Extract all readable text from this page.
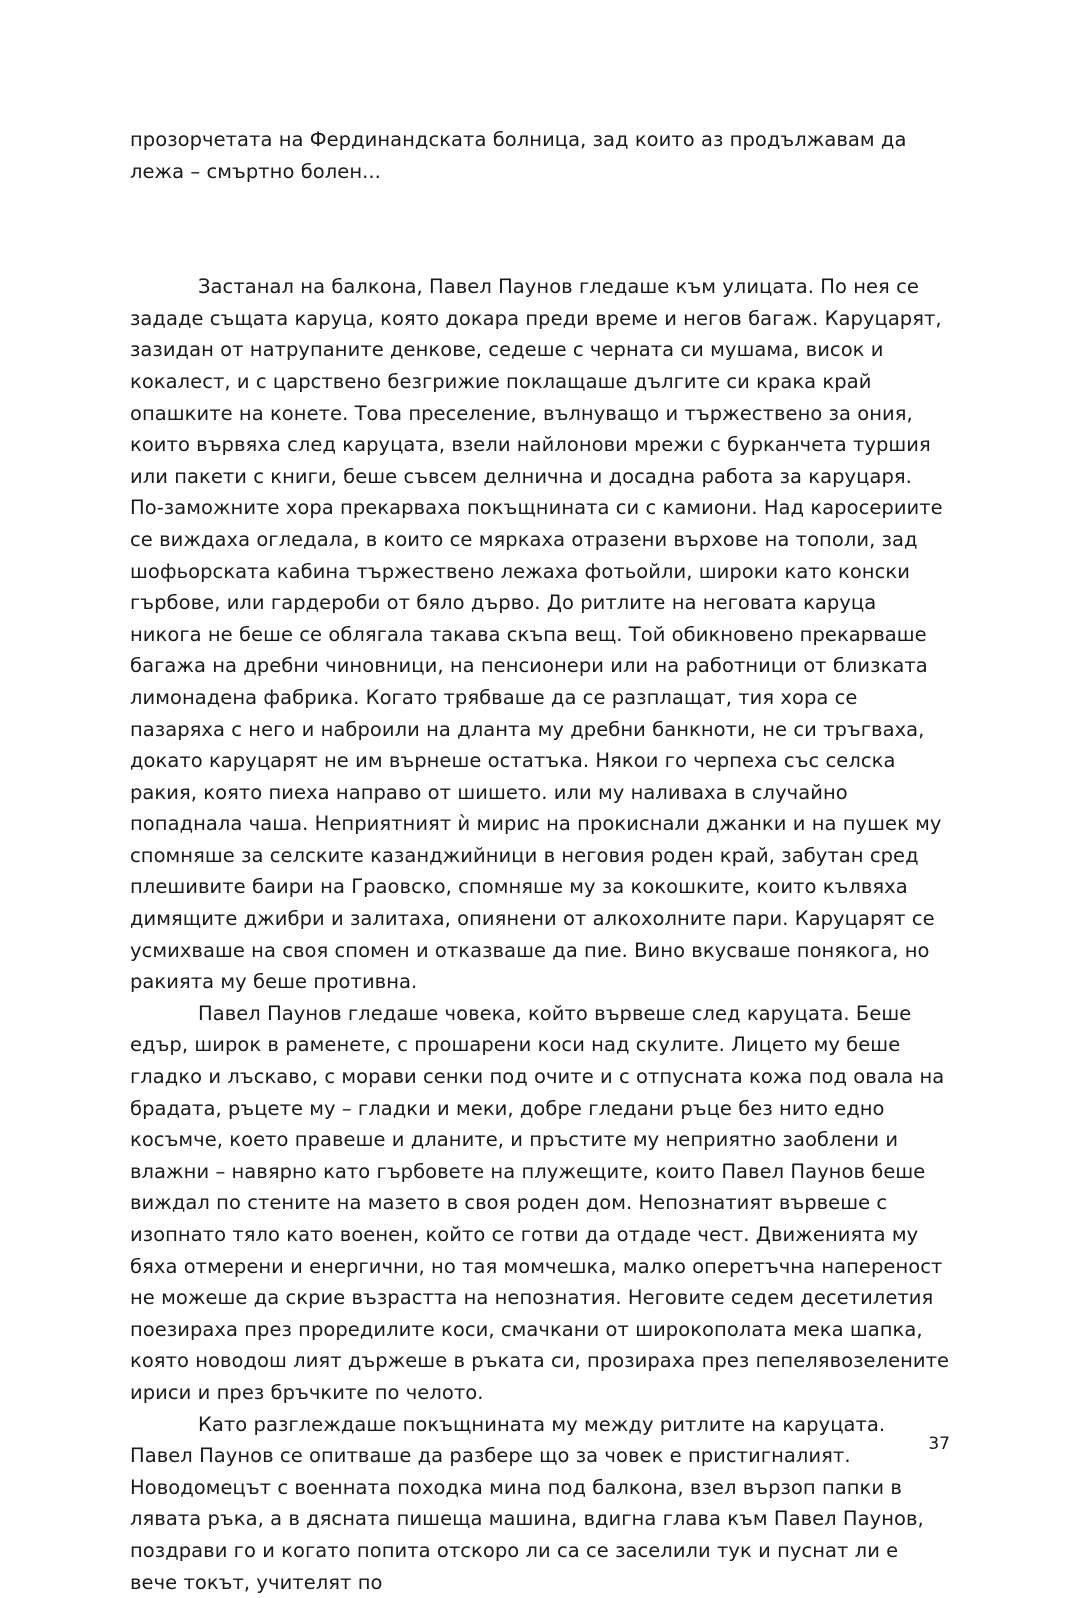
прозорчетата на Фердинандската болница, зад които аз продължавам да лежа – смъртно болен...

Застанал на балкона, Павел Паунов гледаше към улицата. По нея се зададе същата каруца, която докара преди време и негов багаж. Каруцарят, зазидан от натрупаните денкове, седеше с черната си мушама, висок и кокалест, и с царствено безгрижие поклащаше дългите си крака край опашките на конете. Това преселение, вълнуващо и тържествено за ония, които вървяха след каруцата, взели найлонови мрежи с бурканчета туршия или пакети с книги, беше съвсем делнична и досадна работа за каруцаря. По-заможните хора прекарваха покъщнината си с камиони. Над каросериите се виждаха огледала, в които се мяркаха отразени върхове на тополи, зад шофьорската кабина тържествено лежаха фотьойли, широки като конски гърбове, или гардероби от бяло дърво. До ритлите на неговата каруца никога не беше се облягала такава скъпа вещ. Той обикновено прекарваше багажа на дребни чиновници, на пенсионери или на работници от близката лимонадена фабрика. Когато трябваше да се разплащат, тия хора се пазаряха с него и наброили на дланта му дребни банкноти, не си тръгваха, докато каруцарят не им върнеше остатъка. Някои го черпеха със селска ракия, която пиеха направо от шишето. или му наливаха в случайно попаднала чаша. Неприятният ѝ мирис на прокиснали джанки и на пушек му спомняше за селските казанджийници в неговия роден край, забутан сред плешивите баири на Граовско, спомняше му за кокошките, които кълвяха димящите джибри и залитаха, опиянени от алкохолните пари. Каруцарят се усмихваше на своя спомен и отказваше да пие. Вино вкусваше понякога, но ракията му беше противна.

Павел Паунов гледаше човека, който вървеше след каруцата. Беше едър, широк в раменете, с прошарени коси над скулите. Лицето му беше гладко и лъскаво, с морави сенки под очите и с отпусната кожа под овала на брадата, ръцете му – гладки и меки, добре гледани ръце без нито едно косъмче, което правеше и дланите, и пръстите му неприятно заоблени и влажни – навярно като гърбовете на плужещите, които Павел Паунов беше виждал по стените на мазето в своя роден дом. Непознатият вървеше с изопнато тяло като военен, който се готви да отдаде чест. Движенията му бяха отмерени и енергични, но тая момчешка, малко оперетъчна напереност не можеше да скрие възрастта на непознатия. Неговите седем десетилетия поезираха през проредилите коси, смачкани от широкополата мека шапка, която новодош лият държеше в ръката си, прозираха през пепелявозелените ириси и през бръчките по челото.

Като разглеждаше покъщнината му между ритлите на каруцата. Павел Паунов се опитваше да разбере що за човек е пристигналият. Новодомецът с военната походка мина под балкона, взел вързоп папки в лявата ръка, а в дясната пишеща машина, вдигна глава към Павел Паунов, поздрави го и когато попита отскоро ли са се заселили тук и пуснат ли е вече токът, учителят по

37
